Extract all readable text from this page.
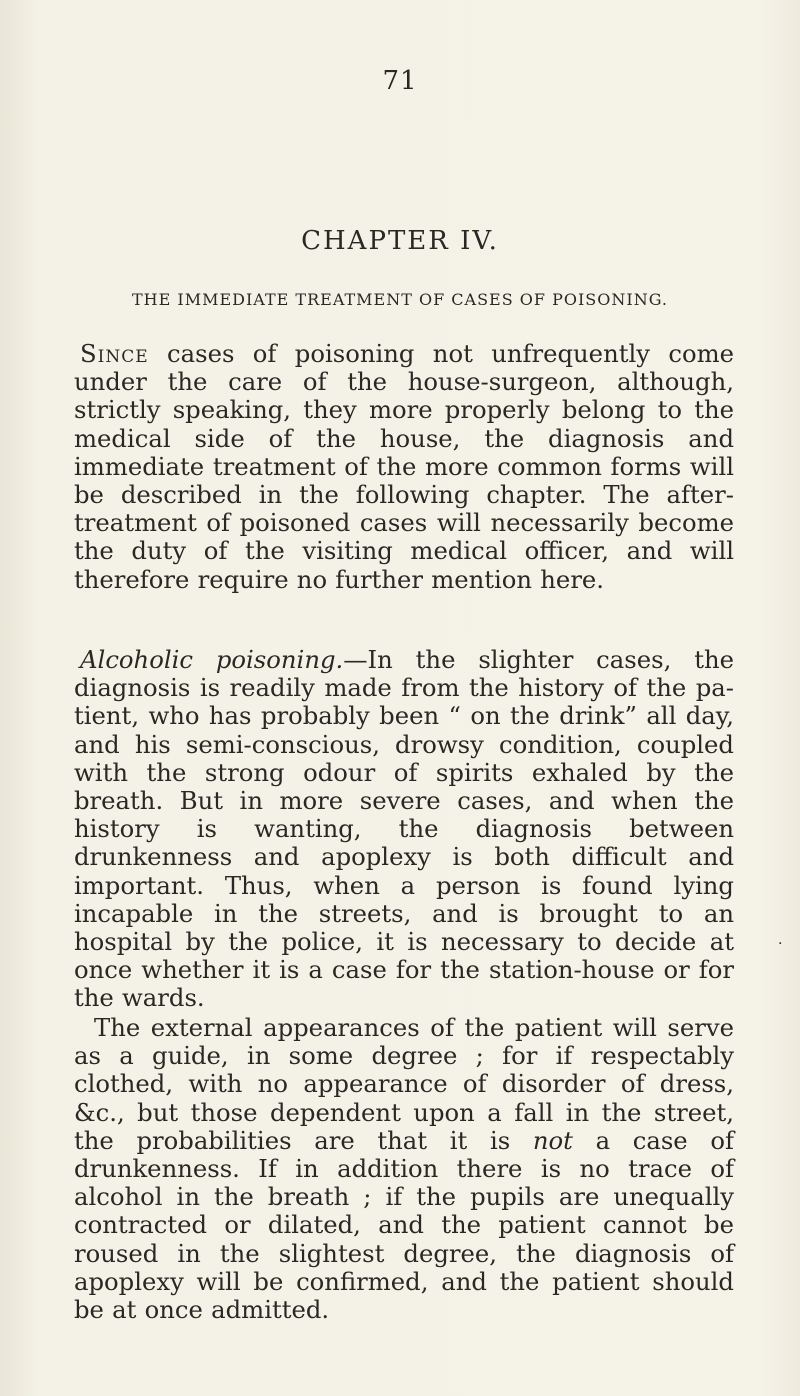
71
CHAPTER IV.
THE IMMEDIATE TREATMENT OF CASES OF POISONING.
Since cases of poisoning not unfrequently come under the care of the house-surgeon, although, strictly speaking, they more properly belong to the medical side of the house, the diagnosis and immediate treatment of the more common forms will be described in the following chapter. The after-treatment of poisoned cases will necessarily become the duty of the visiting medical officer, and will therefore require no further mention here.
Alcoholic poisoning.—In the slighter cases, the diagnosis is readily made from the history of the patient, who has probably been “ on the drink” all day, and his semi-conscious, drowsy condition, coupled with the strong odour of spirits exhaled by the breath. But in more severe cases, and when the history is wanting, the diagnosis between drunkenness and apoplexy is both difficult and important. Thus, when a person is found lying incapable in the streets, and is brought to an hospital by the police, it is necessary to decide at once whether it is a case for the station-house or for the wards.
The external appearances of the patient will serve as a guide, in some degree ; for if respectably clothed, with no appearance of disorder of dress, &c., but those dependent upon a fall in the street, the probabilities are that it is not a case of drunkenness. If in addition there is no trace of alcohol in the breath ; if the pupils are unequally contracted or dilated, and the patient cannot be roused in the slightest degree, the diagnosis of apoplexy will be confirmed, and the patient should be at once admitted.
.
